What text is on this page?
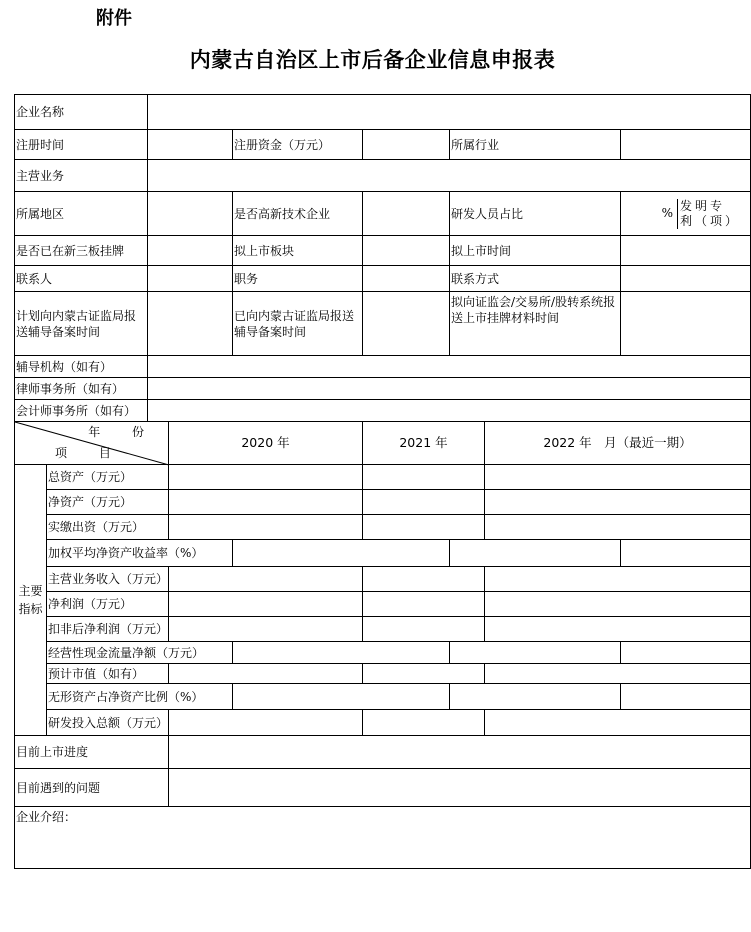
附件
内蒙古自治区上市后备企业信息申报表
企业名称								
注册时间				注册资金（万元）		所属行业		
主营业务								
所属地区				是否高新技术企业		研发人员占比		%发明专利（项）
是否已在新三板挂牌				拟上市板块		拟上市时间		
联系人				职务		联系方式		
计划向内蒙古证监局报送辅导备案时间				已向内蒙古证监局报送辅导备案时间		拟向证监会/交易所/股转系统报送上市挂牌材料时间		
辅导机构（如有）								
律师事务所（如有）								
会计师事务所（如有）								

年 份
项 目			2020 年		2021 年		2022 年　月（最近一期）	
主要指标	总资产（万元）							
	净资产（万元）							
	实缴出资（万元）							
	加权平均净资产收益率（%）							
	主营业务收入（万元）							
	净利润（万元）							
	扣非后净利润（万元）							
	经营性现金流量净额（万元）							
	预计市值（如有）							
	无形资产占净资产比例（%）							
	研发投入总额（万元）							
目前上市进度								
目前遇到的问题								
企业介绍：								
